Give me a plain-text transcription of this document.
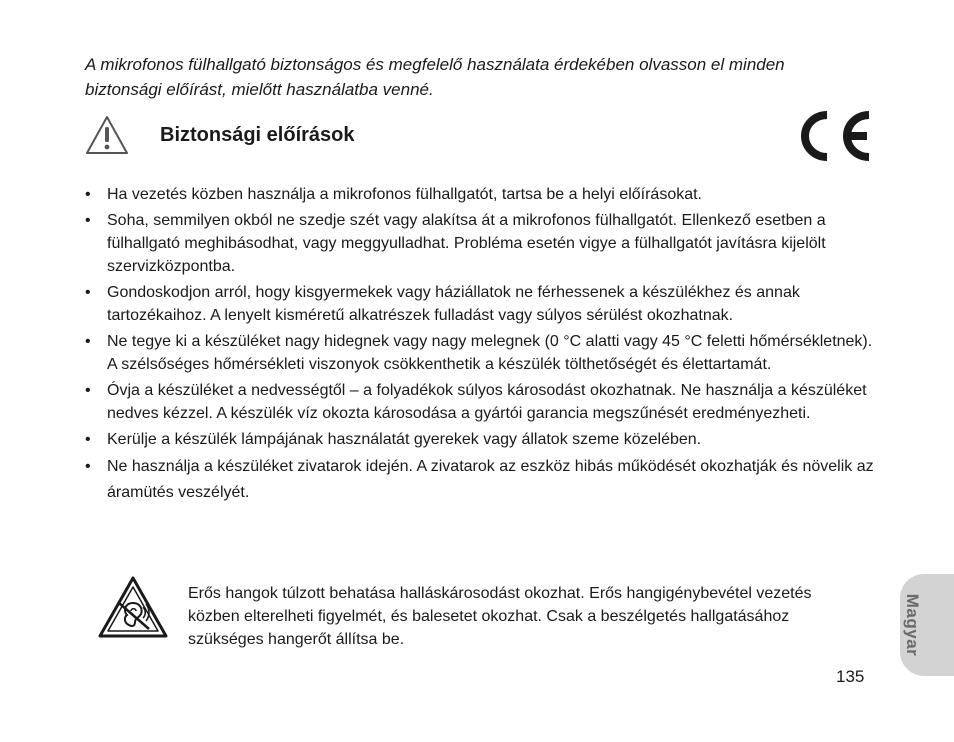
A mikrofonos fülhallgató biztonságos és megfelelő használata érdekében olvasson el minden biztonsági előírást, mielőtt használatba venné.

Biztonsági előírások
• Ha vezetés közben használja a mikrofonos fülhallgatót, tartsa be a helyi előírásokat.
• Soha, semmilyen okból ne szedje szét vagy alakítsa át a mikrofonos fülhallgatót. Ellenkező esetben a fülhallgató meghibásodhat, vagy meggyulladhat. Probléma esetén vigye a fülhallgatót javításra kijelölt szervizközpontba.
• Gondoskodjon arról, hogy kisgyermekek vagy háziállatok ne férhessenek a készülékhez és annak tartozékaihoz. A lenyelt kisméretű alkatrészek fulladást vagy súlyos sérülést okozhatnak.
• Ne tegye ki a készüléket nagy hidegnek vagy nagy melegnek (0 °C alatti vagy 45 °C feletti hőmérsékletnek). A szélsőséges hőmérsékleti viszonyok csökkenthetik a készülék tölthetőségét és élettartamát.
• Óvja a készüléket a nedvességtől – a folyadékok súlyos károsodást okozhatnak. Ne használja a készüléket nedves kézzel. A készülék víz okozta károsodása a gyártói garancia megszűnését eredményezheti.
• Kerülje a készülék lámpájának használatát gyerekek vagy állatok szeme közelében.
• Ne használja a készüléket zivatarok idején. A zivatarok az eszköz hibás működését okozhatják és növelik az áramütés veszélyét.

Erős hangok túlzott behatása halláskárosodást okozhat. Erős hangigénybevétel vezetés közben elterelheti figyelmét, és balesetet okozhat. Csak a beszélgetés hallgatásához szükséges hangerőt állítsa be.	Magyar
135
